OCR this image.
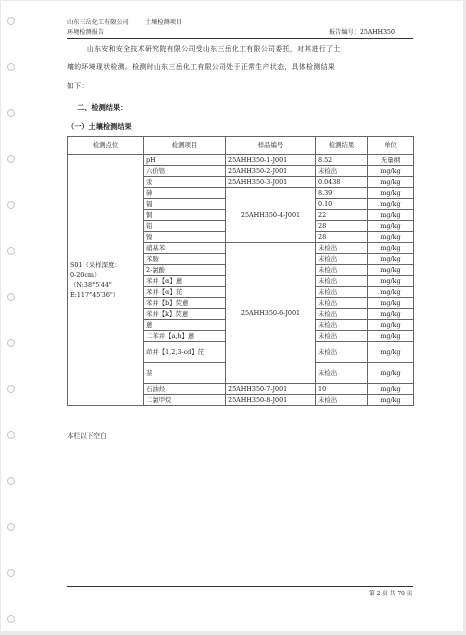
山东三岳化工有限公司	土壤检测项目
环境检测报告	报告编号：25AHH350
山东安和安全技术研究院有限公司受山东三岳化工有限公司委托，对其进行了土
壤的环境现状检测。检测时山东三岳化工有限公司处于正常生产状态，具体检测结果
如下：
二、检测结果：
（一）土壤检测结果
检测点位	检测项目	样品编号	检测结果	单位

S01（采样深度：
0-20cm）
（N:38°5′44"
E:117°45′36"）	pH	25AHH350-1-J001	8.52	无量纲
	六价铬	25AHH350-2-J001	未检出	mg/kg
	汞	25AHH350-3-J001	0.0438	mg/kg
	砷	25AHH350-4-J001	8.39	mg/kg
	镉		0.10	mg/kg
	铜		22	mg/kg
	铅		28	mg/kg
	镍		28	mg/kg
	硝基苯	25AHH350-6-J001	未检出	mg/kg
	苯胺		未检出	mg/kg
	2-氯酚		未检出	mg/kg
	苯并【α】蒽		未检出	mg/kg
	苯并【α】芘		未检出	mg/kg
	苯并【b】荧蒽		未检出	mg/kg
	苯并【k】荧蒽		未检出	mg/kg
	蒽		未检出	mg/kg
	二苯并【a,h】蒽		未检出	mg/kg
	茚并【1,2,3-cd】芘		未检出	mg/kg
	萘		未检出	mg/kg
	石油烃	25AHH350-7-J001	10	mg/kg
	二氯甲烷	25AHH350-8-J001	未检出	mg/kg
本栏以下空白
第 2 页 共 70 页
